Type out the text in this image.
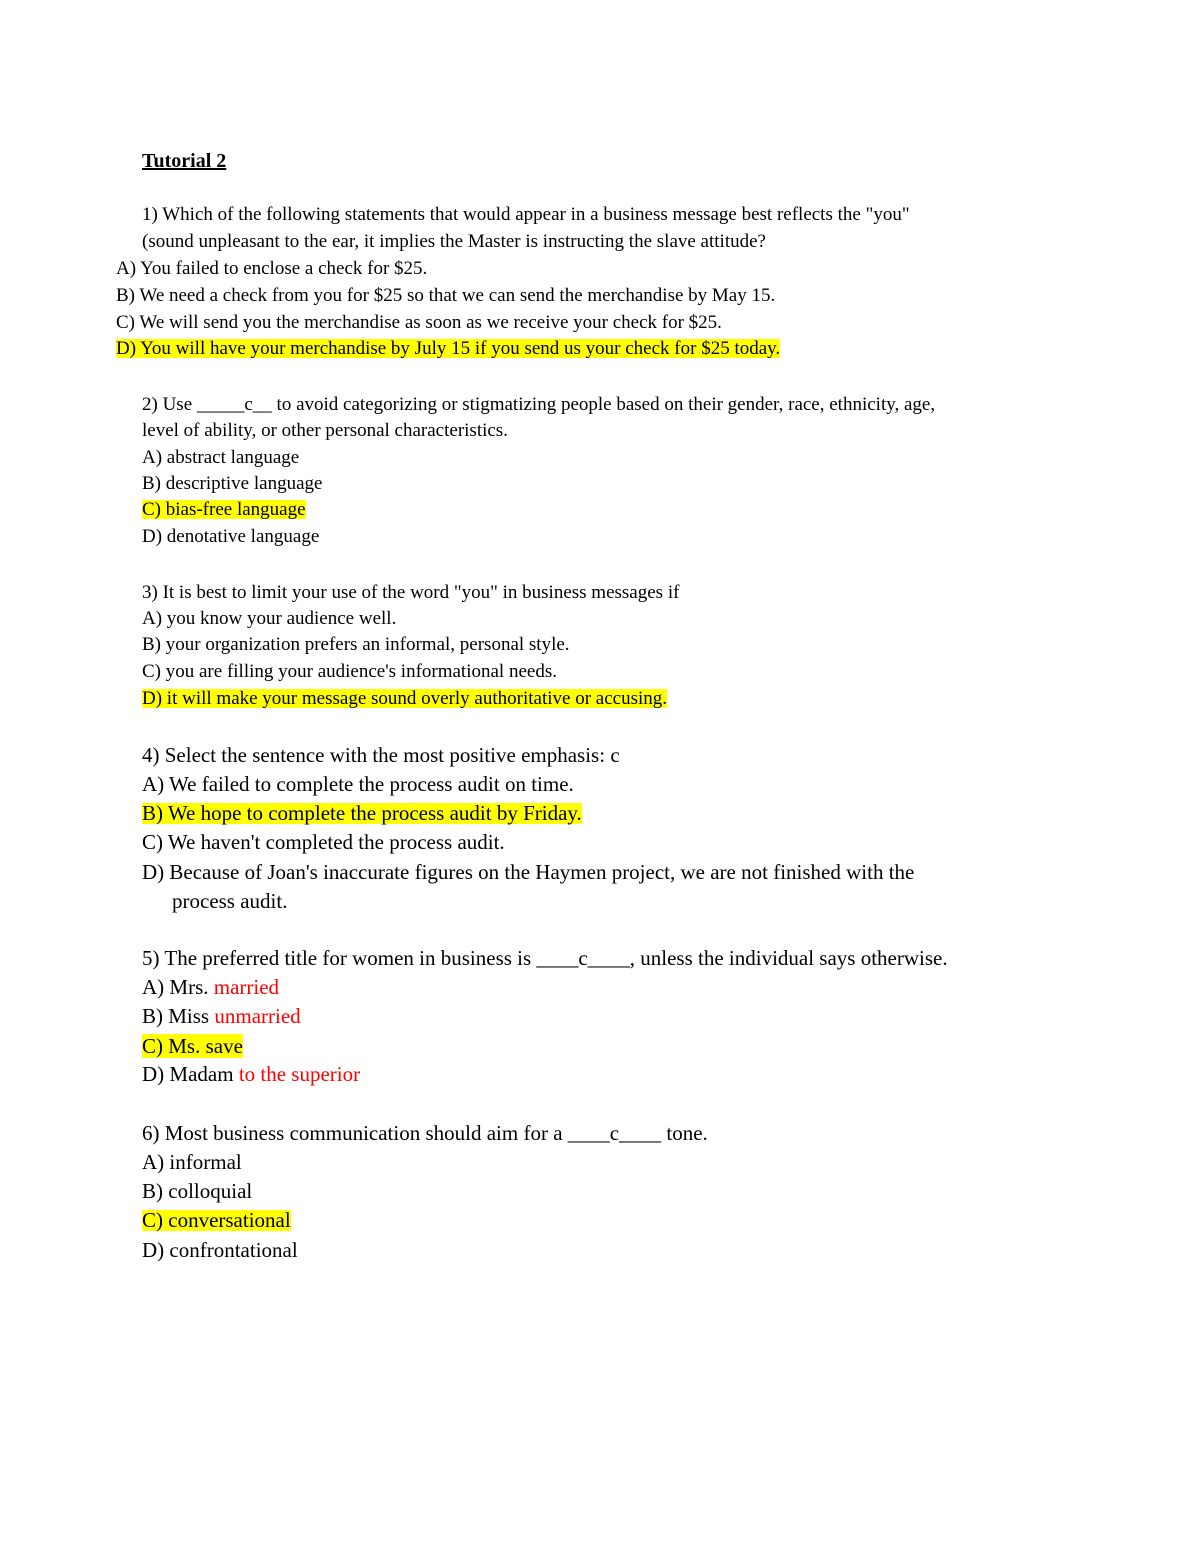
Tutorial 2
1) Which of the following statements that would appear in a business message best reflects the "you"
(sound unpleasant to the ear, it implies the Master is instructing the slave attitude?
A) You failed to enclose a check for $25.
B) We need a check from you for $25 so that we can send the merchandise by May 15.
C) We will send you the merchandise as soon as we receive your check for $25.
D) You will have your merchandise by July 15 if you send us your check for $25 today.
2) Use _____c__ to avoid categorizing or stigmatizing people based on their gender, race, ethnicity, age,
level of ability, or other personal characteristics.
A) abstract language
B) descriptive language
C) bias-free language
D) denotative language
3) It is best to limit your use of the word "you" in business messages if
A) you know your audience well.
B) your organization prefers an informal, personal style.
C) you are filling your audience's informational needs.
D) it will make your message sound overly authoritative or accusing.
4) Select the sentence with the most positive emphasis: c
A) We failed to complete the process audit on time.
B) We hope to complete the process audit by Friday.
C) We haven't completed the process audit.
D) Because of Joan's inaccurate figures on the Haymen project, we are not finished with the
process audit.
5) The preferred title for women in business is ____c____, unless the individual says otherwise.
A) Mrs. married
B) Miss unmarried
C) Ms. save
D) Madam to the superior
6) Most business communication should aim for a ____c____ tone.
A) informal
B) colloquial
C) conversational
D) confrontational
